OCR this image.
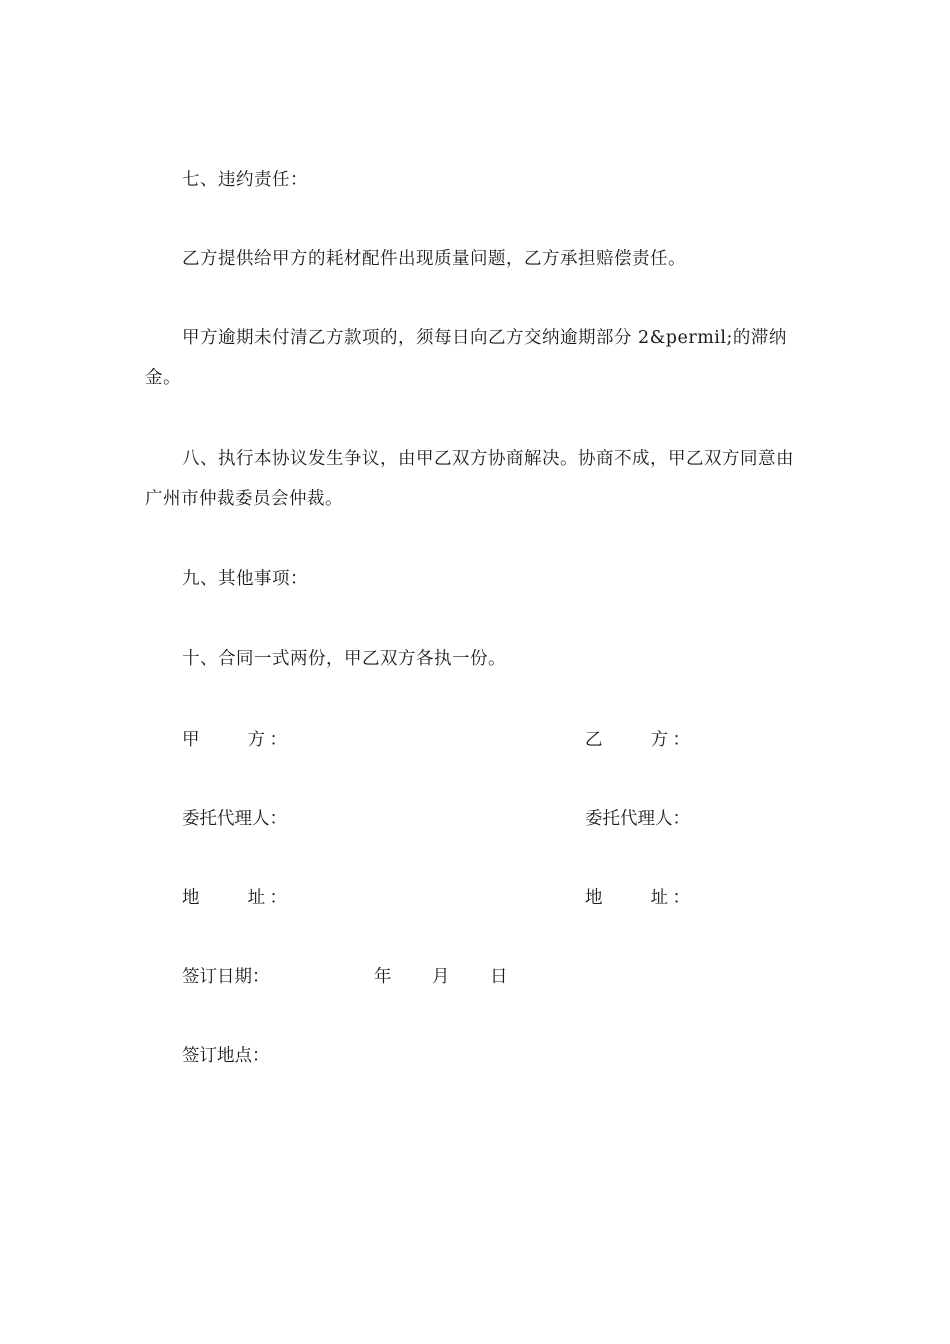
七、违约责任：

乙方提供给甲方的耗材配件出现质量问题，乙方承担赔偿责任。

甲方逾期未付清乙方款项的，须每日向乙方交纳逾期部分 2&permil;的滞纳金。

八、执行本协议发生争议，由甲乙双方协商解决。协商不成，甲乙双方同意由广州市仲裁委员会仲裁。

九、其他事项：

十、合同一式两份，甲乙双方各执一份。

甲　　方：	乙　　方：
委托代理人：	委托代理人：
地　　址：	地　　址：
签订日期：	年 月 日
签订地点：
